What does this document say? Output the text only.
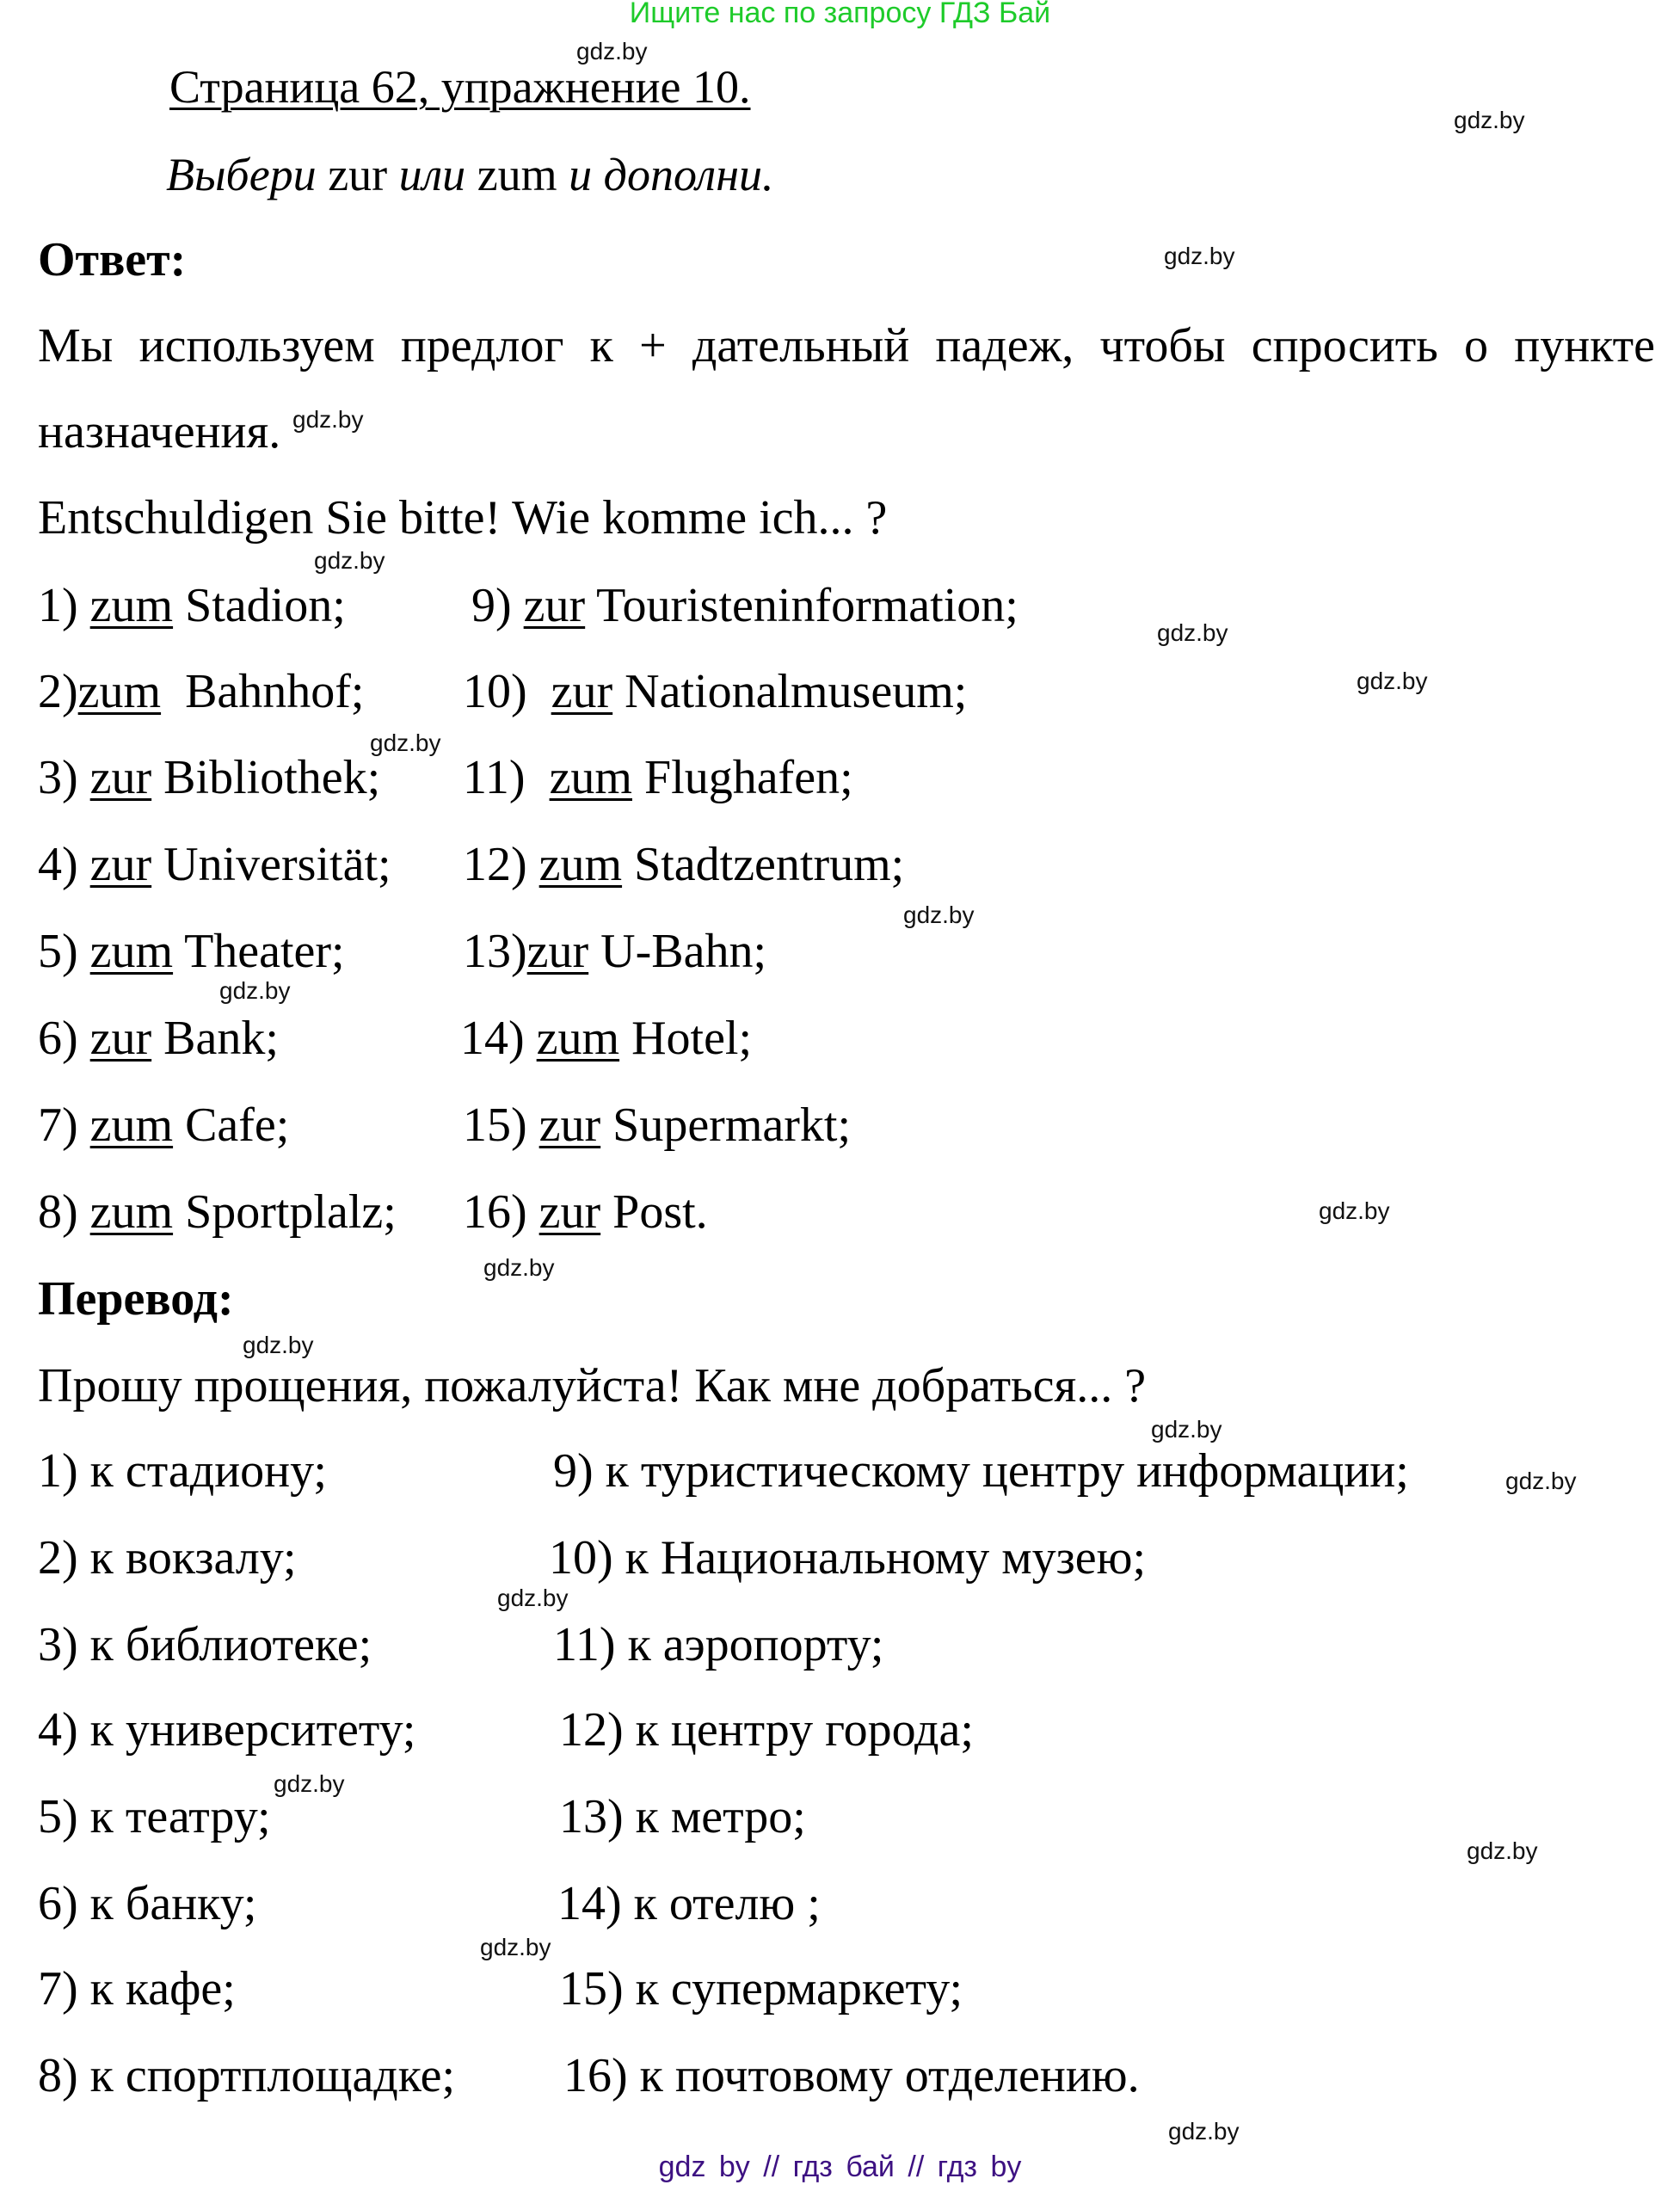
Ищите нас по запросу ГДЗ Бай
Страница 62, упражнение 10.
Выбери zur или zum и дополни.
Ответ:
Мы используем предлог к + дательный падеж, чтобы спросить о пункте
назначения.
Entschuldigen Sie bitte! Wie komme ich... ?
1) zum Stadion;
2)zum Bahnhof;
3) zur Bibliothek;
4) zur Universität;
5) zum Theater;
6) zur Bank;
7) zum Cafe;
8) zum Sportplalz;
9) zur Touristeninformation;
10) zur Nationalmuseum;
11) zum Flughafen;
12) zum Stadtzentrum;
13)zur U-Bahn;
14) zum Hotel;
15) zur Supermarkt;
16) zur Post.
Перевод:
Прошу прощения, пожалуйста! Как мне добраться... ?
1) к стадиону;
2) к вокзалу;
3) к библиотеке;
4) к университету;
5) к театру;
6) к банку;
7) к кафе;
8) к спортплощадке;
9) к туристическому центру информации;
10) к Национальному музею;
11) к аэропорту;
12) к центру города;
13) к метро;
14) к отелю ;
15) к супермаркету;
16) к почтовому отделению.
gdz.by
gdz.by
gdz.by
gdz.by
gdz.by
gdz.by
gdz.by
gdz.by
gdz.by
gdz.by
gdz.by
gdz.by
gdz.by
gdz.by
gdz.by
gdz.by
gdz.by
gdz.by
gdz.by
gdz.by
gdz by // гдз бай // гдз by
